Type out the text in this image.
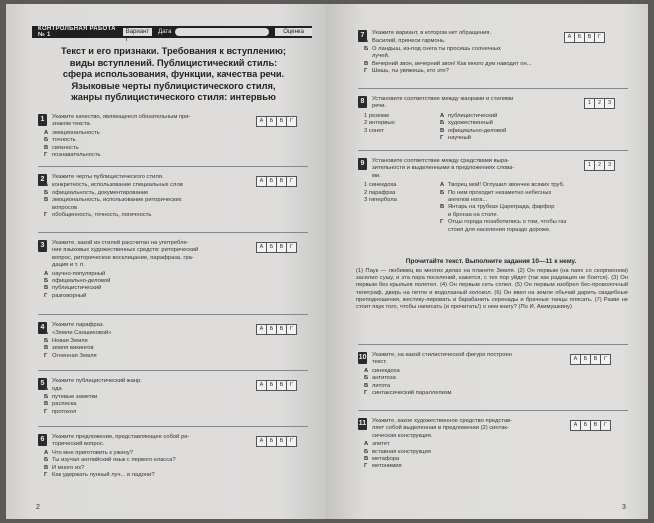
КОНТРОЛЬНАЯ РАБОТА № 1	Вариант I
Дата	Оценка
Текст и его признаки. Требования к вступлению;
виды вступлений. Публицистический стиль:
сфера использования, функции, качества речи.
Языковые черты публицистического стиля,
жанры публицистического стиля: интервью
1	Укажите качество, являющееся обязательным при-
знаком текста.
А	Б	В	Г
А эмоциональность
Б точность
В связность
Г познавательность
2	Укажите черты публицистического стиля.
А	Б	В	Г
А конкретность, использование специальных слов
Б официальность, документирование
В эмоциональность, использование риторических
вопросов
Г обобщенность, точность, логичность
3	Укажите, какой из стилей рассчитан на употребле-
ние языковых художественных средств: риторический
вопрос, риторическое восклицание, парафраза, гра-
дация и т. п.
А	Б	В	Г
А научно-популярный
Б официально-деловой
В публицистический
Г разговорный
4	Укажите парафраз.
А	Б	В	Г
А «Земли Саншиховой»
Б Новая Земля
В земля викингов
Г Огненная Земля
5	Укажите публицистический жанр.
А	Б	В	Г
А ода
Б путевые заметки
В расписка
Г протокол
6	Укажите предложение, представляющее собой ри-
торический вопрос.
А	Б	В	Г
А Что мне приготовить к ужину?
Б Ты изучал английский язык с первого класса?
В И много их?
Г Как удержать лунный луч... в ладони?
2
7	Укажите вариант, в котором нет обращения.
А	Б	В	Г
А Василий, принеси гармонь.
Б О ландыш, из-под снега ты просишь солнечных
лучей.
В Вечерний звон, вечерний звон! Как много дум наводит он...
Г Шишь, ты увяжешь, кто это?
8	Установите соответствие между жанрами и стилями
речи.
1	2	3
1 резюме
2 интервью
3 сонет
А публицистический
Б художественный
В официально-деловой
Г научный
9	Установите соответствие между средствами выра-
зительности и выделенными в предложениях слова-
ми.
1	2	3
1 синекдоха
2 парафраз
3 гипербола
А Творец мой! Оглушил звончее всяких труб.
Б По ним проходит незаметно небесных
ангелов нога...
В Янтарь на трубках Цареграда, фарфор
и бронза на столе.
Г Отцы города позаботились о том, чтобы газ
стоил для населения гораздо дороже.
10 Укажите, на какой стилистической фигуре построен
текст.
А	Б	В	Г
А синекдоха
Б антитеза
В литота
Г синтаксический параллелизм
11 Укажите, какое художественное средство представ-
ляет собой выделенная в предложении (2) синтак-
сическая конструкция.
А	Б	В	Г
А эпитет
Б вставная конструкция
В метафора
Г метонимия
Прочитайте текст. Выполните задания 10—11 к нему.
(1) Паук — любимец во многих делах на планете Земля. (2) Он первым (на паях со скорпионом) заселил сушу, и эта пара поселений, кажется, с тех пор уйдет (так как радиация не боится). (3) Он первым без крыльев полетел. (4) Он первым сеть сплел. (5) Он первым изобрел бес-проволочный телеграф, дверь на петле и водолазный колокол. (6) Он ввел на земле обычай дарить свадебные преподношения, жестику-лировать и барабанить серенады и брачные танцы плясать. (7) Разве не стоит паук того, чтобы написать (и прочитать!) о нем книгу? (По И. Акимушкину)
3
